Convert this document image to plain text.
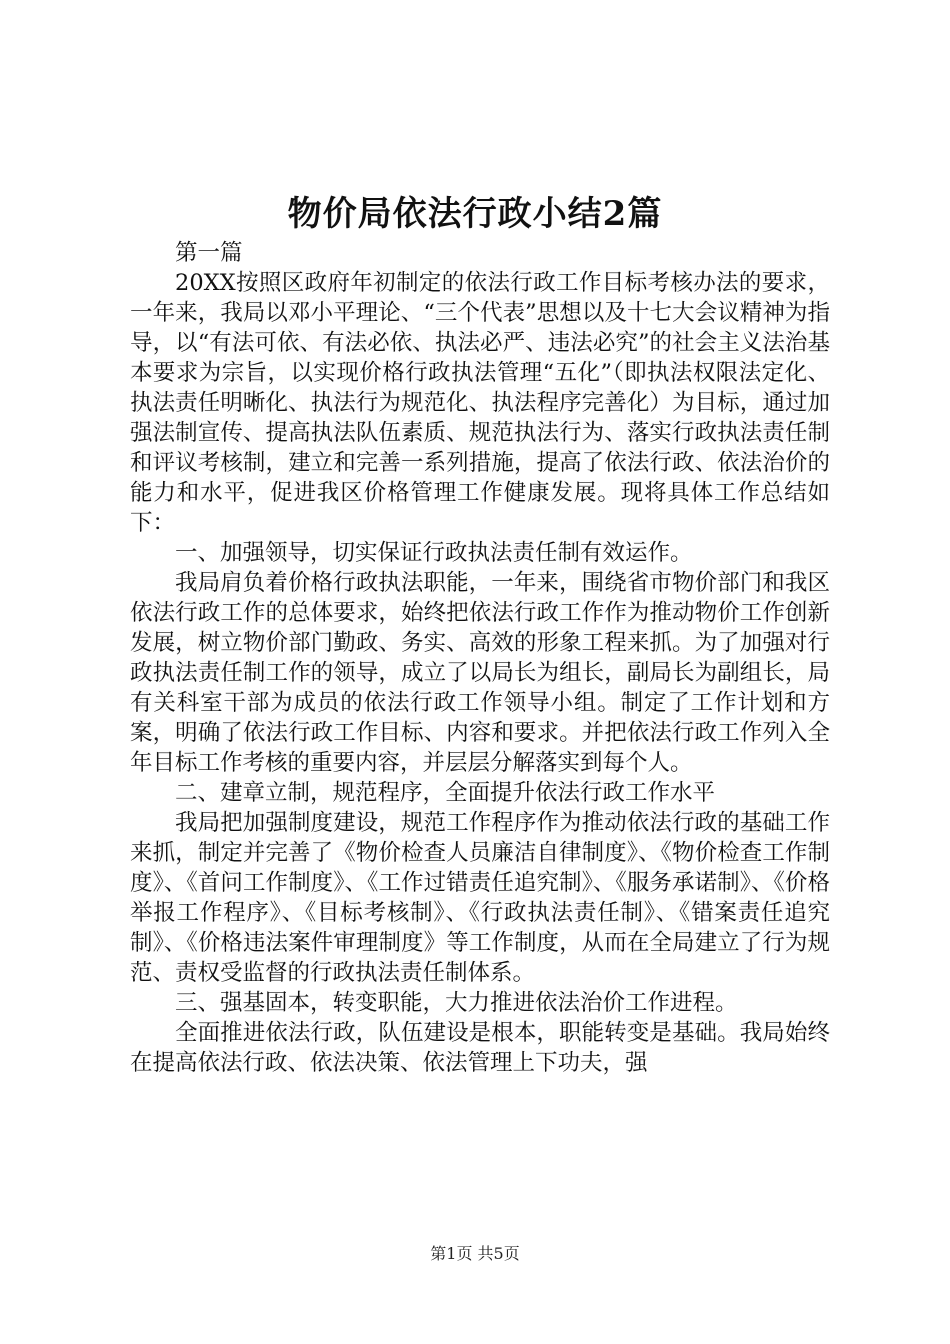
物价局依法行政小结2篇

第一篇

20XX按照区政府年初制定的依法行政工作目标考核办法的要求，一年来，我局以邓小平理论、“三个代表”思想以及十七大会议精神为指导，以“有法可依、有法必依、执法必严、违法必究”的社会主义法治基本要求为宗旨，以实现价格行政执法管理“五化”（即执法权限法定化、执法责任明晰化、执法行为规范化、执法程序完善化）为目标，通过加强法制宣传、提高执法队伍素质、规范执法行为、落实行政执法责任制和评议考核制，建立和完善一系列措施，提高了依法行政、依法治价的能力和水平，促进我区价格管理工作健康发展。现将具体工作总结如下：

一、加强领导，切实保证行政执法责任制有效运作。

我局肩负着价格行政执法职能，一年来，围绕省市物价部门和我区依法行政工作的总体要求，始终把依法行政工作作为推动物价工作创新发展，树立物价部门勤政、务实、高效的形象工程来抓。为了加强对行政执法责任制工作的领导，成立了以局长为组长，副局长为副组长，局有关科室干部为成员的依法行政工作领导小组。制定了工作计划和方案，明确了依法行政工作目标、内容和要求。并把依法行政工作列入全年目标工作考核的重要内容，并层层分解落实到每个人。

二、建章立制，规范程序，全面提升依法行政工作水平

我局把加强制度建设，规范工作程序作为推动依法行政的基础工作来抓，制定并完善了《物价检查人员廉洁自律制度》、《物价检查工作制度》、《首问工作制度》、《工作过错责任追究制》、《服务承诺制》、《价格举报工作程序》、《目标考核制》、《行政执法责任制》、《错案责任追究制》、《价格违法案件审理制度》等工作制度，从而在全局建立了行为规范、责权受监督的行政执法责任制体系。

三、强基固本，转变职能，大力推进依法治价工作进程。

全面推进依法行政，队伍建设是根本，职能转变是基础。我局始终在提高依法行政、依法决策、依法管理上下功夫，强

第1页 共5页
